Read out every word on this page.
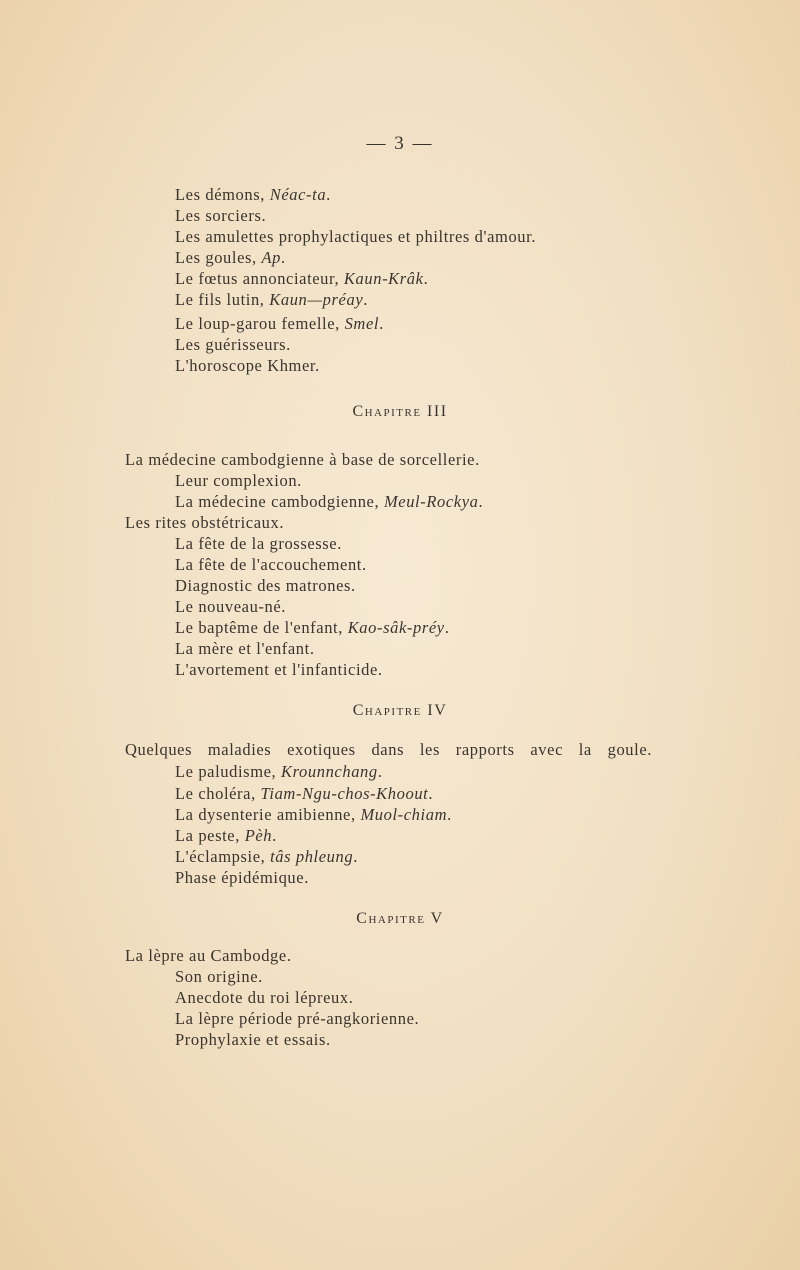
— 3 —
Les démons, Néac-ta.
Les sorciers.
Les amulettes prophylactiques et philtres d'amour.
Les goules, Ap.
Le fœtus annonciateur, Kaun-Krâk.
Le fils lutin, Kaun—préay.
Le loup-garou femelle, Smel.
Les guérisseurs.
L'horoscope Khmer.
Chapitre III
La médecine cambodgienne à base de sorcellerie.
Leur complexion.
La médecine cambodgienne, Meul-Rockya.
Les rites obstétricaux.
La fête de la grossesse.
La fête de l'accouchement.
Diagnostic des matrones.
Le nouveau-né.
Le baptême de l'enfant, Kao-sâk-préy.
La mère et l'enfant.
L'avortement et l'infanticide.
Chapitre IV
Quelques maladies exotiques dans les rapports avec la goule.
Le paludisme, Krounnchang.
Le choléra, Tiam-Ngu-chos-Khoout.
La dysenterie amibienne, Muol-chiam.
La peste, Pèh.
L'éclampsie, tâs phleung.
Phase épidémique.
Chapitre V
La lèpre au Cambodge.
Son origine.
Anecdote du roi lépreux.
La lèpre période pré-angkorienne.
Prophylaxie et essais.
